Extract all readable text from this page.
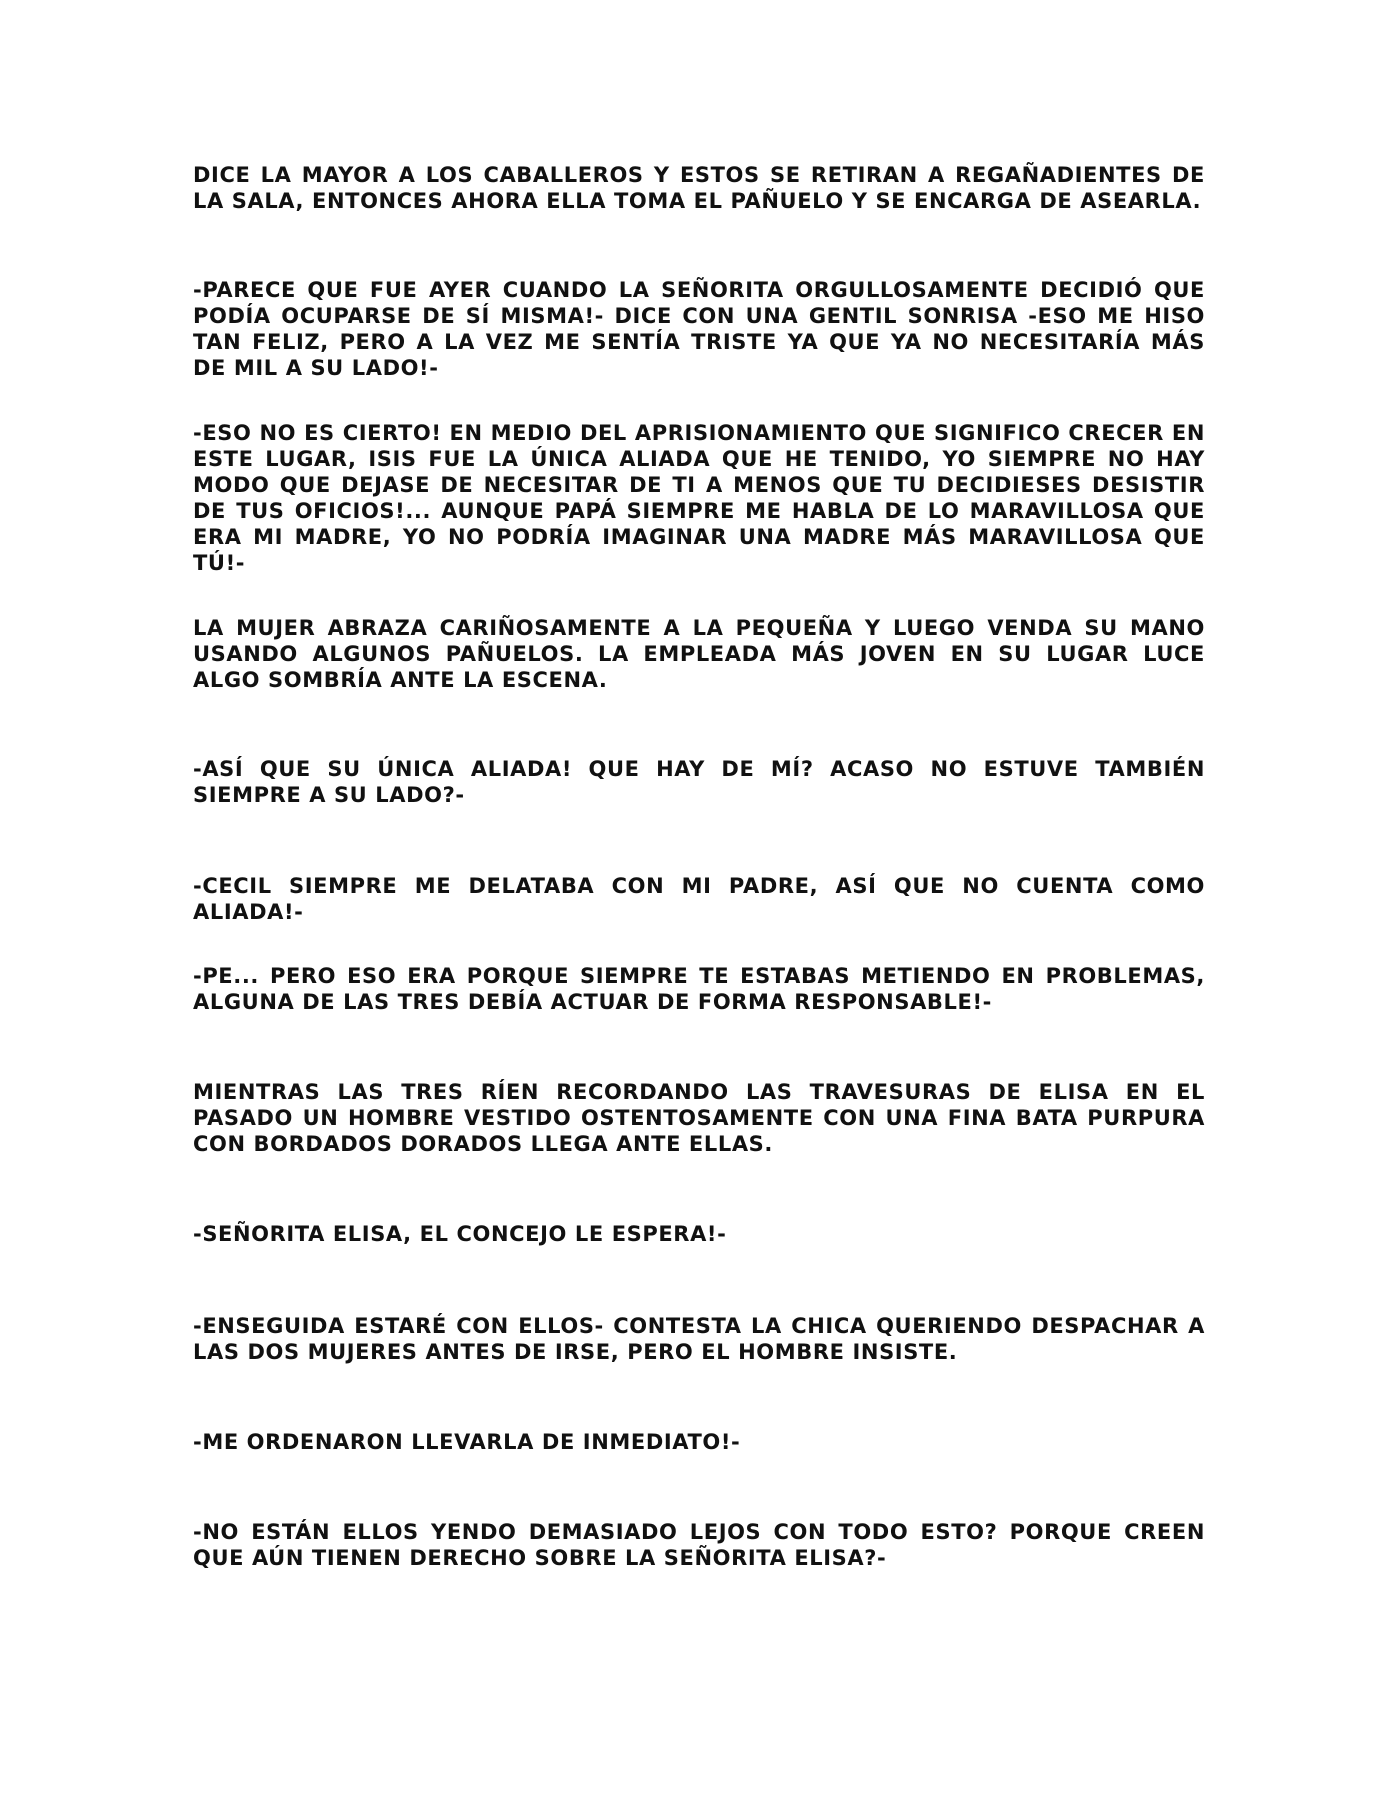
DICE LA MAYOR A LOS CABALLEROS Y ESTOS SE RETIRAN A REGAÑADIENTES DE LA SALA, ENTONCES AHORA ELLA TOMA EL PAÑUELO Y SE ENCARGA DE ASEARLA.

-PARECE QUE FUE AYER CUANDO LA SEÑORITA ORGULLOSAMENTE DECIDIÓ QUE PODÍA OCUPARSE DE SÍ MISMA!- DICE CON UNA GENTIL SONRISA -ESO ME HISO TAN FELIZ, PERO A LA VEZ ME SENTÍA TRISTE YA QUE YA NO NECESITARÍA MÁS DE MIL A SU LADO!-

-ESO NO ES CIERTO! EN MEDIO DEL APRISIONAMIENTO QUE SIGNIFICO CRECER EN ESTE LUGAR, ISIS FUE LA ÚNICA ALIADA QUE HE TENIDO, YO SIEMPRE NO HAY MODO QUE DEJASE DE NECESITAR DE TI A MENOS QUE TU DECIDIESES DESISTIR DE TUS OFICIOS!... AUNQUE PAPÁ SIEMPRE ME HABLA DE LO MARAVILLOSA QUE ERA MI MADRE, YO NO PODRÍA IMAGINAR UNA MADRE MÁS MARAVILLOSA QUE TÚ!-

LA MUJER ABRAZA CARIÑOSAMENTE A LA PEQUEÑA Y LUEGO VENDA SU MANO USANDO ALGUNOS PAÑUELOS. LA EMPLEADA MÁS JOVEN EN SU LUGAR LUCE ALGO SOMBRÍA ANTE LA ESCENA.

-ASÍ QUE SU ÚNICA ALIADA! QUE HAY DE MÍ? ACASO NO ESTUVE TAMBIÉN SIEMPRE A SU LADO?-

-CECIL SIEMPRE ME DELATABA CON MI PADRE, ASÍ QUE NO CUENTA COMO ALIADA!-

-PE... PERO ESO ERA PORQUE SIEMPRE TE ESTABAS METIENDO EN PROBLEMAS, ALGUNA DE LAS TRES DEBÍA ACTUAR DE FORMA RESPONSABLE!-

MIENTRAS LAS TRES RÍEN RECORDANDO LAS TRAVESURAS DE ELISA EN EL PASADO UN HOMBRE VESTIDO OSTENTOSAMENTE CON UNA FINA BATA PURPURA CON BORDADOS DORADOS LLEGA ANTE ELLAS.

-SEÑORITA ELISA, EL CONCEJO LE ESPERA!-

-ENSEGUIDA ESTARÉ CON ELLOS- CONTESTA LA CHICA QUERIENDO DESPACHAR A LAS DOS MUJERES ANTES DE IRSE, PERO EL HOMBRE INSISTE.

-ME ORDENARON LLEVARLA DE INMEDIATO!-

-NO ESTÁN ELLOS YENDO DEMASIADO LEJOS CON TODO ESTO? PORQUE CREEN QUE AÚN TIENEN DERECHO SOBRE LA SEÑORITA ELISA?-
